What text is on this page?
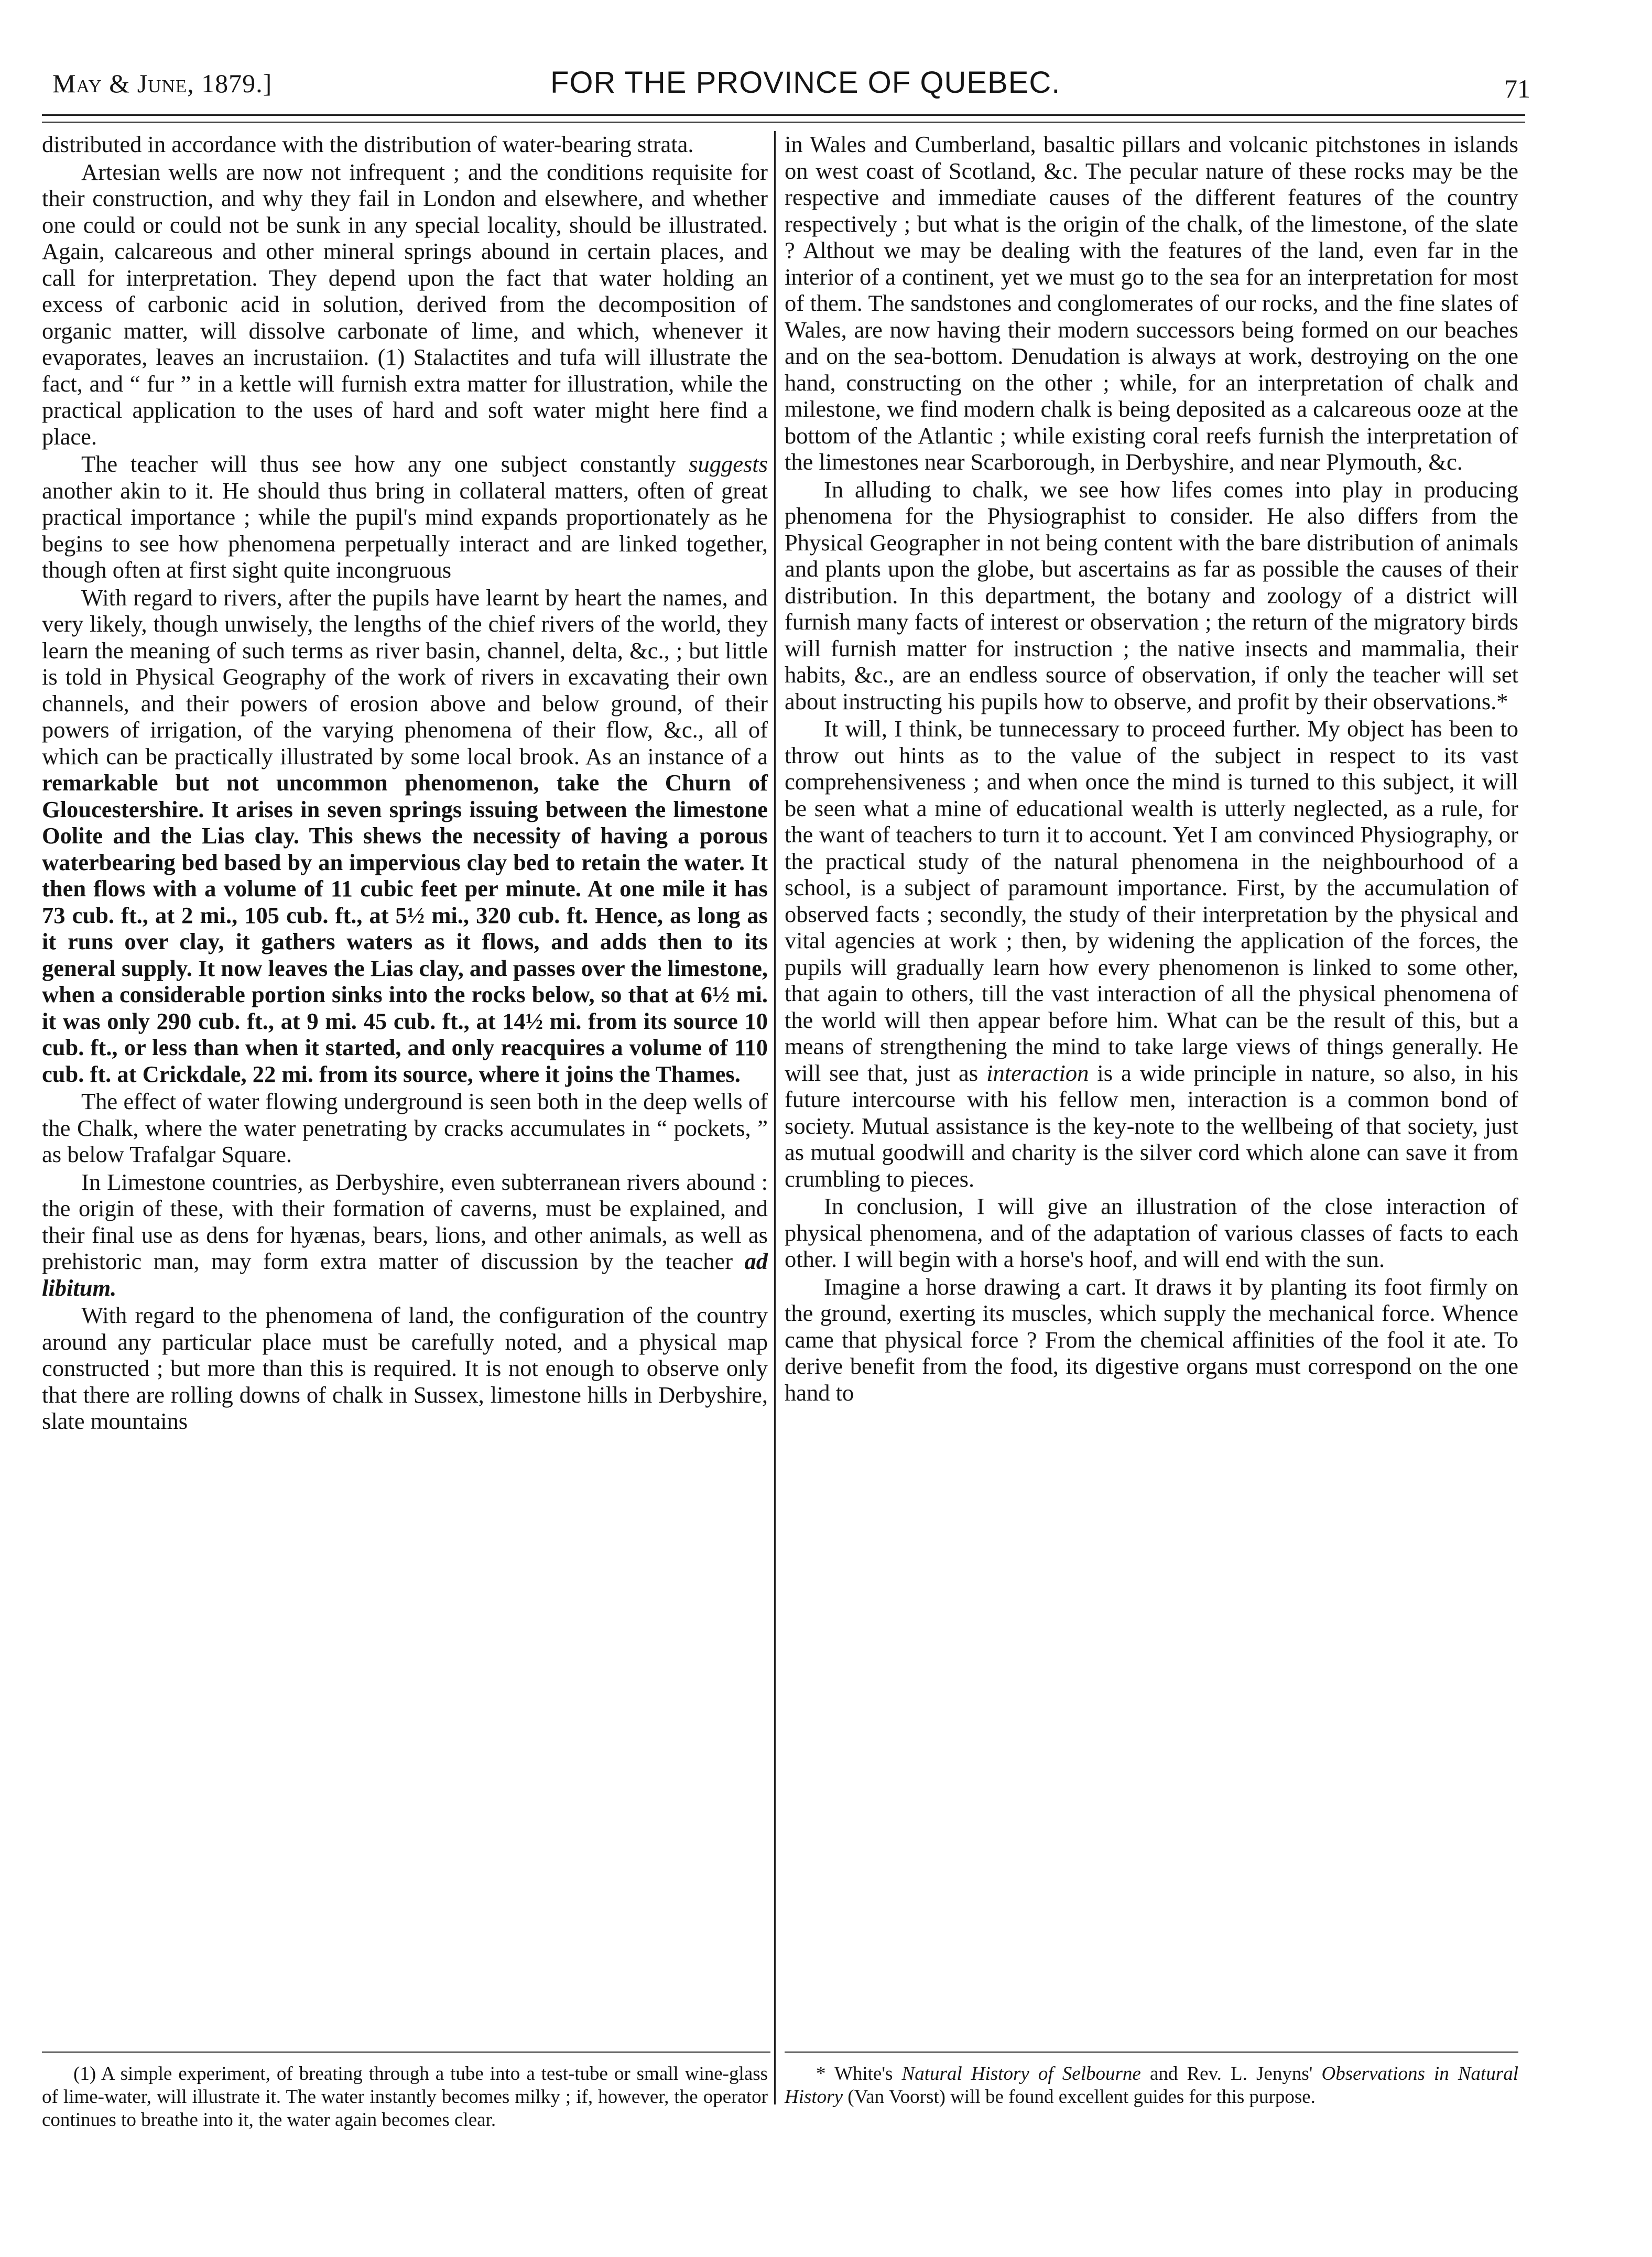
May & June, 1879.]	FOR THE PROVINCE OF QUEBEC.	71

distributed in accordance with the distribution of water-bearing strata.

Artesian wells are now not infrequent ; and the conditions requisite for their construction, and why they fail in London and elsewhere, and whether one could or could not be sunk in any special locality, should be illustrated. Again, calcareous and other mineral springs abound in certain places, and call for interpretation. They depend upon the fact that water holding an excess of carbonic acid in solution, derived from the decomposition of organic matter, will dissolve carbonate of lime, and which, whenever it evaporates, leaves an incrustaiion. (1) Stalactites and tufa will illustrate the fact, and “ fur ” in a kettle will furnish extra matter for illustration, while the practical application to the uses of hard and soft water might here find a place.

The teacher will thus see how any one subject constantly suggests another akin to it. He should thus bring in collateral matters, often of great practical importance ; while the pupil's mind expands proportionately as he begins to see how phenomena perpetually interact and are linked together, though often at first sight quite incongruous

With regard to rivers, after the pupils have learnt by heart the names, and very likely, though unwisely, the lengths of the chief rivers of the world, they learn the meaning of such terms as river basin, channel, delta, &c., ; but little is told in Physical Geography of the work of rivers in excavating their own channels, and their powers of erosion above and below ground, of their powers of irrigation, of the varying phenomena of their flow, &c., all of which can be practically illustrated by some local brook. As an instance of a remarkable but not uncommon phenomenon, take the Churn of Gloucestershire. It arises in seven springs issuing between the limestone Oolite and the Lias clay. This shews the necessity of having a porous waterbearing bed based by an impervious clay bed to retain the water. It then flows with a volume of 11 cubic feet per minute. At one mile it has 73 cub. ft., at 2 mi., 105 cub. ft., at 5½ mi., 320 cub. ft. Hence, as long as it runs over clay, it gathers waters as it flows, and adds then to its general supply. It now leaves the Lias clay, and passes over the limestone, when a considerable portion sinks into the rocks below, so that at 6½ mi. it was only 290 cub. ft., at 9 mi. 45 cub. ft., at 14½ mi. from its source 10 cub. ft., or less than when it started, and only reacquires a volume of 110 cub. ft. at Crickdale, 22 mi. from its source, where it joins the Thames.

The effect of water flowing underground is seen both in the deep wells of the Chalk, where the water penetrating by cracks accumulates in “ pockets, ” as below Trafalgar Square.

In Limestone countries, as Derbyshire, even subterranean rivers abound : the origin of these, with their formation of caverns, must be explained, and their final use as dens for hyænas, bears, lions, and other animals, as well as prehistoric man, may form extra matter of discussion by the teacher ad libitum.

With regard to the phenomena of land, the configuration of the country around any particular place must be carefully noted, and a physical map constructed ; but more than this is required. It is not enough to observe only that there are rolling downs of chalk in Sussex, limestone hills in Derbyshire, slate mountains

in Wales and Cumberland, basaltic pillars and volcanic pitchstones in islands on west coast of Scotland, &c. The pecular nature of these rocks may be the respective and immediate causes of the different features of the country respectively ; but what is the origin of the chalk, of the limestone, of the slate ? Althout we may be dealing with the features of the land, even far in the interior of a continent, yet we must go to the sea for an interpretation for most of them. The sandstones and conglomerates of our rocks, and the fine slates of Wales, are now having their modern successors being formed on our beaches and on the sea-bottom. Denudation is always at work, destroying on the one hand, constructing on the other ; while, for an interpretation of chalk and milestone, we find modern chalk is being deposited as a calcareous ooze at the bottom of the Atlantic ; while existing coral reefs furnish the interpretation of the limestones near Scarborough, in Derbyshire, and near Plymouth, &c.

In alluding to chalk, we see how lifes comes into play in producing phenomena for the Physiographist to consider. He also differs from the Physical Geographer in not being content with the bare distribution of animals and plants upon the globe, but ascertains as far as possible the causes of their distribution. In this department, the botany and zoology of a district will furnish many facts of interest or observation ; the return of the migratory birds will furnish matter for instruction ; the native insects and mammalia, their habits, &c., are an endless source of observation, if only the teacher will set about instructing his pupils how to observe, and profit by their observations.*

It will, I think, be tunnecessary to proceed further. My object has been to throw out hints as to the value of the subject in respect to its vast comprehensiveness ; and when once the mind is turned to this subject, it will be seen what a mine of educational wealth is utterly neglected, as a rule, for the want of teachers to turn it to account. Yet I am convinced Physiography, or the practical study of the natural phenomena in the neighbourhood of a school, is a subject of paramount importance. First, by the accumulation of observed facts ; secondly, the study of their interpretation by the physical and vital agencies at work ; then, by widening the application of the forces, the pupils will gradually learn how every phenomenon is linked to some other, that again to others, till the vast interaction of all the physical phenomena of the world will then appear before him. What can be the result of this, but a means of strengthening the mind to take large views of things generally. He will see that, just as interaction is a wide principle in nature, so also, in his future intercourse with his fellow men, interaction is a common bond of society. Mutual assistance is the key-note to the wellbeing of that society, just as mutual goodwill and charity is the silver cord which alone can save it from crumbling to pieces.

In conclusion, I will give an illustration of the close interaction of physical phenomena, and of the adaptation of various classes of facts to each other. I will begin with a horse's hoof, and will end with the sun.

Imagine a horse drawing a cart. It draws it by planting its foot firmly on the ground, exerting its muscles, which supply the mechanical force. Whence came that physical force ? From the chemical affinities of the fool it ate. To derive benefit from the food, its digestive organs must correspond on the one hand to

(1) A simple experiment, of breating through a tube into a test-tube or small wine-glass of lime-water, will illustrate it. The water instantly becomes milky ; if, however, the operator continues to breathe into it, the water again becomes clear.

* White's Natural History of Selbourne and Rev. L. Jenyns' Observations in Natural History (Van Voorst) will be found excellent guides for this purpose.
